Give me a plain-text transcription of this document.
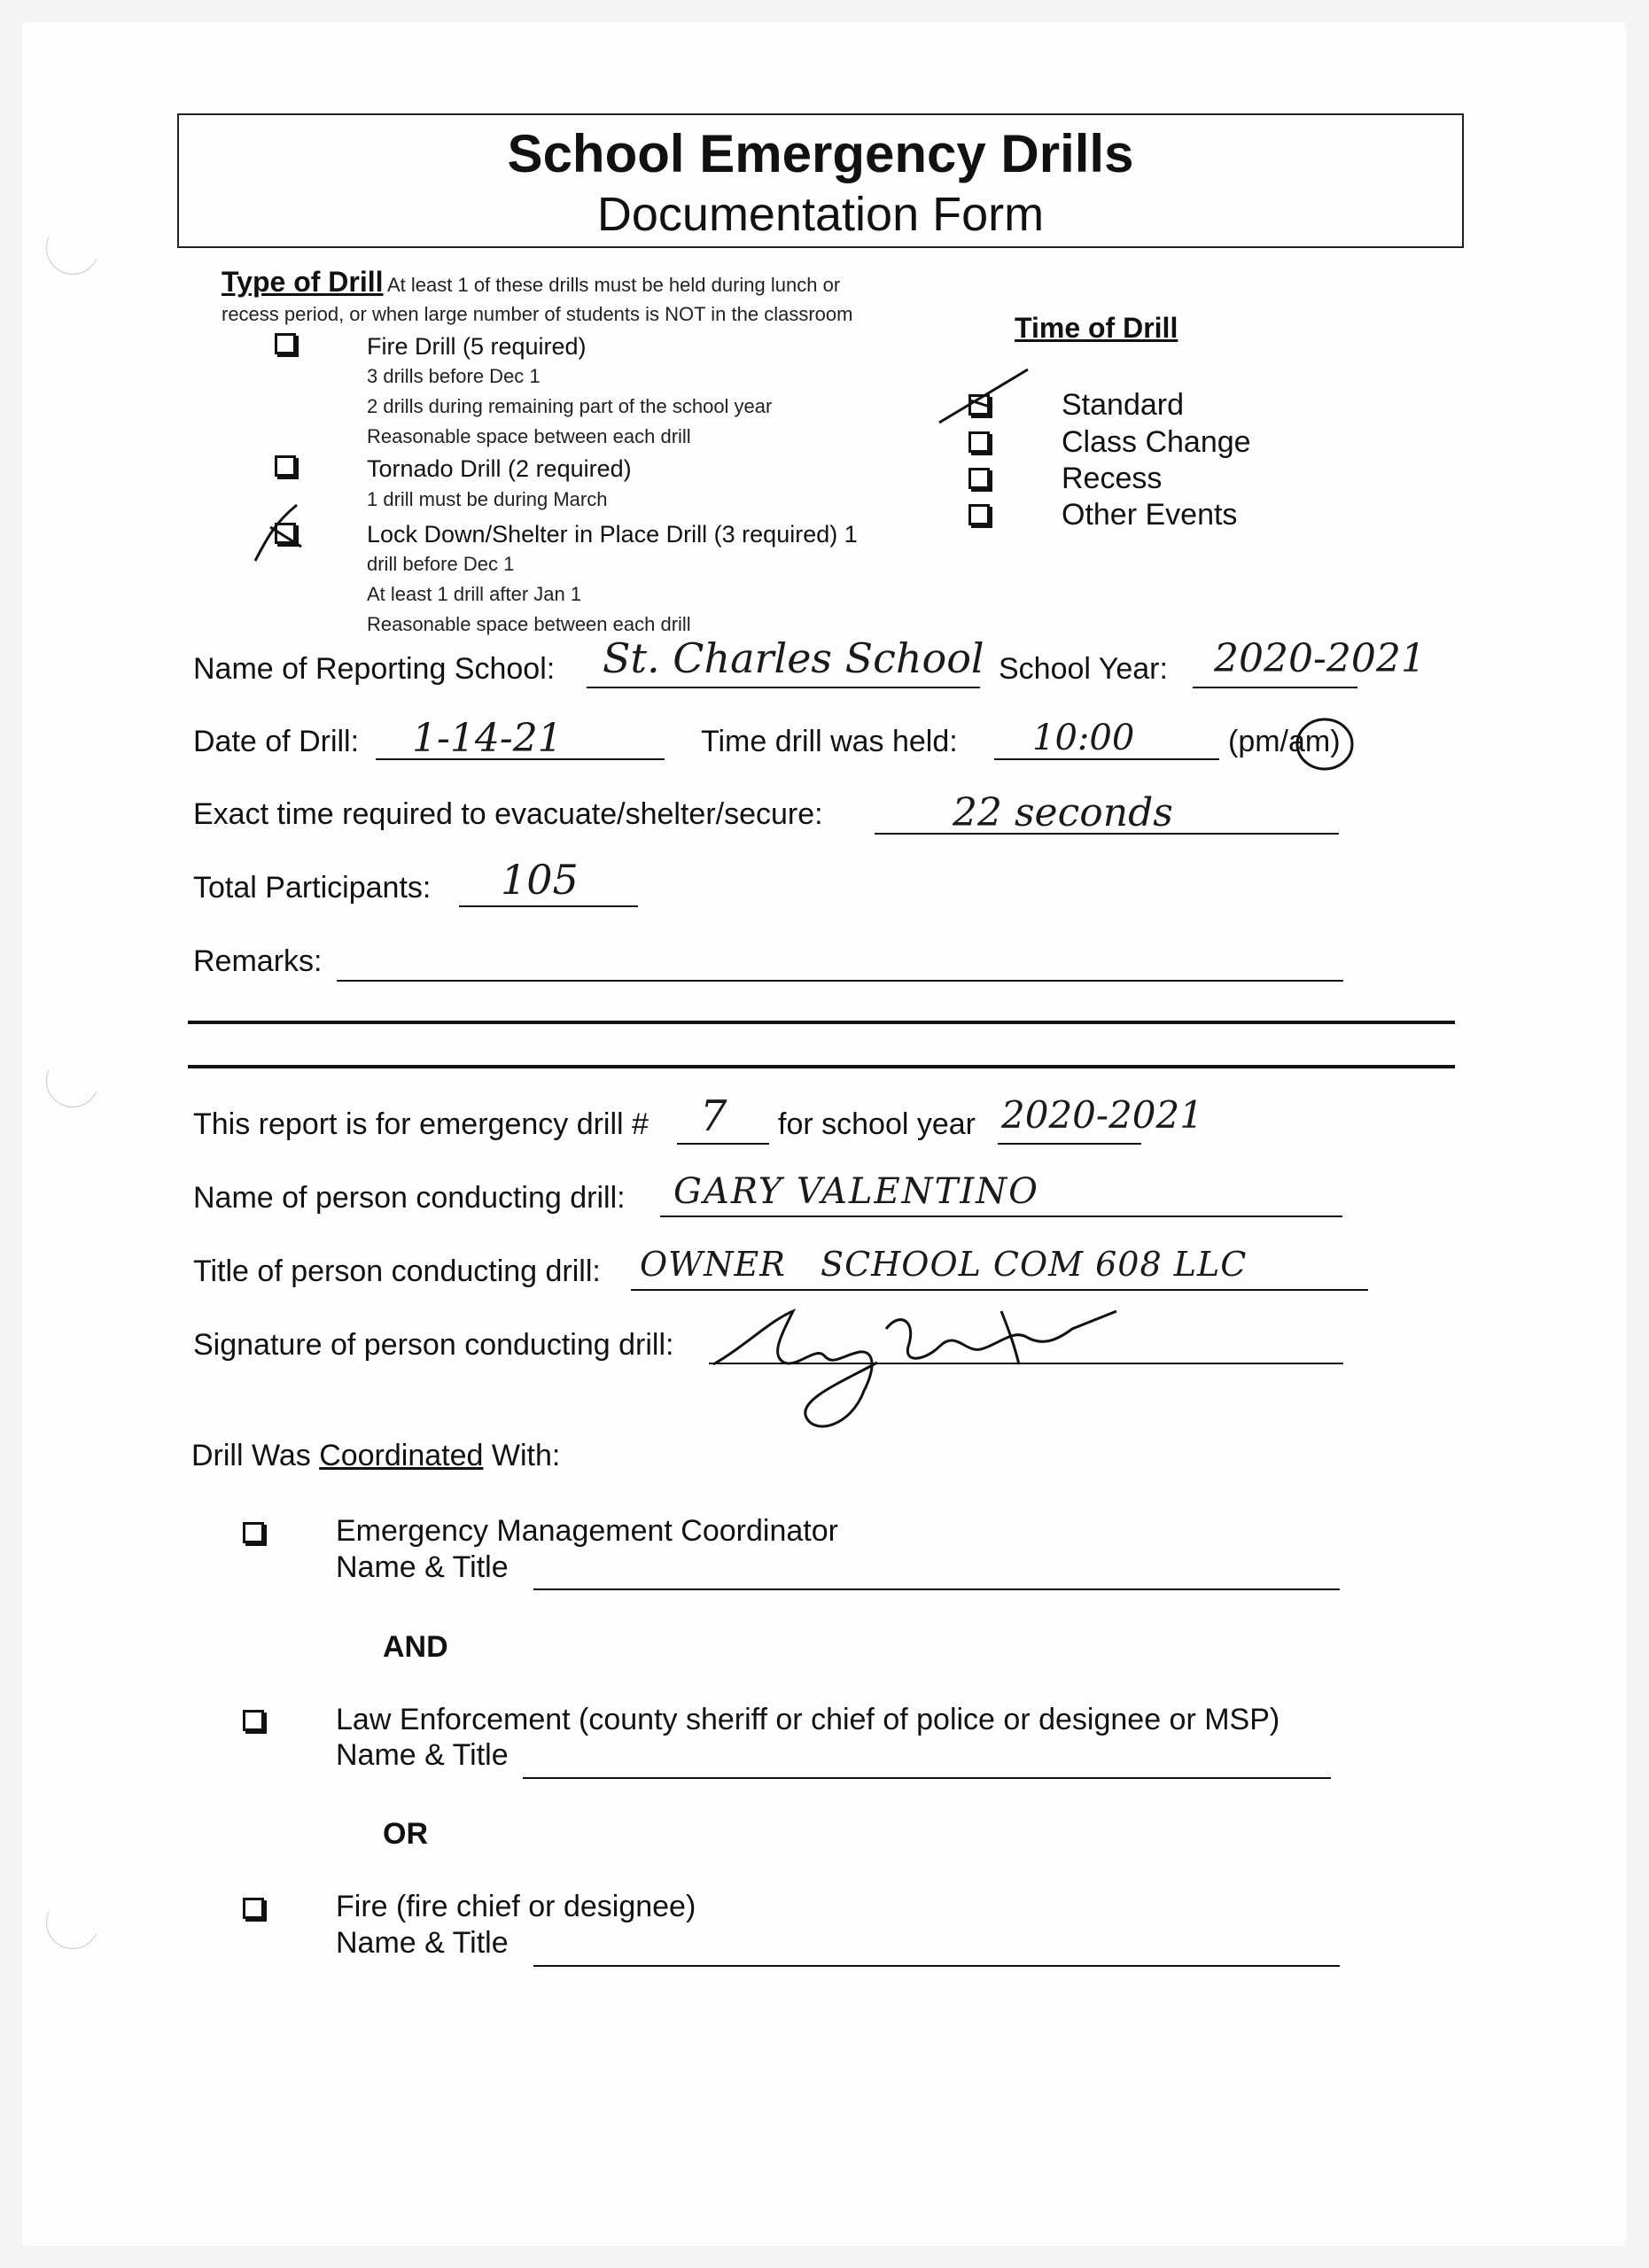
School Emergency Drills
Documentation Form
Type of Drill At least 1 of these drills must be held during lunch or
recess period, or when large number of students is NOT in the classroom
Fire Drill (5 required)
3 drills before Dec 1
2 drills during remaining part of the school year
Reasonable space between each drill
Tornado Drill (2 required)
1 drill must be during March
Lock Down/Shelter in Place Drill (3 required) 1
drill before Dec 1
At least 1 drill after Jan 1
Reasonable space between each drill
Time of Drill
Standard
Class Change
Recess
Other Events
Name of Reporting School: St. Charles School School Year: 2020-2021
Date of Drill: 1-14-21	Time drill was held: 10:00	(pm/am)
Exact time required to evacuate/shelter/secure:	22 seconds
Total Participants: 105
Remarks:
This report is for emergency drill # 7 for school year 2020-2021
Name of person conducting drill: GARY VALENTINO
Title of person conducting drill: OWNER   SCHOOL COM 608 LLC
Signature of person conducting drill:
Drill Was Coordinated With:
Emergency Management Coordinator
Name & Title
AND
Law Enforcement (county sheriff or chief of police or designee or MSP)
Name & Title
OR
Fire (fire chief or designee)
Name & Title
